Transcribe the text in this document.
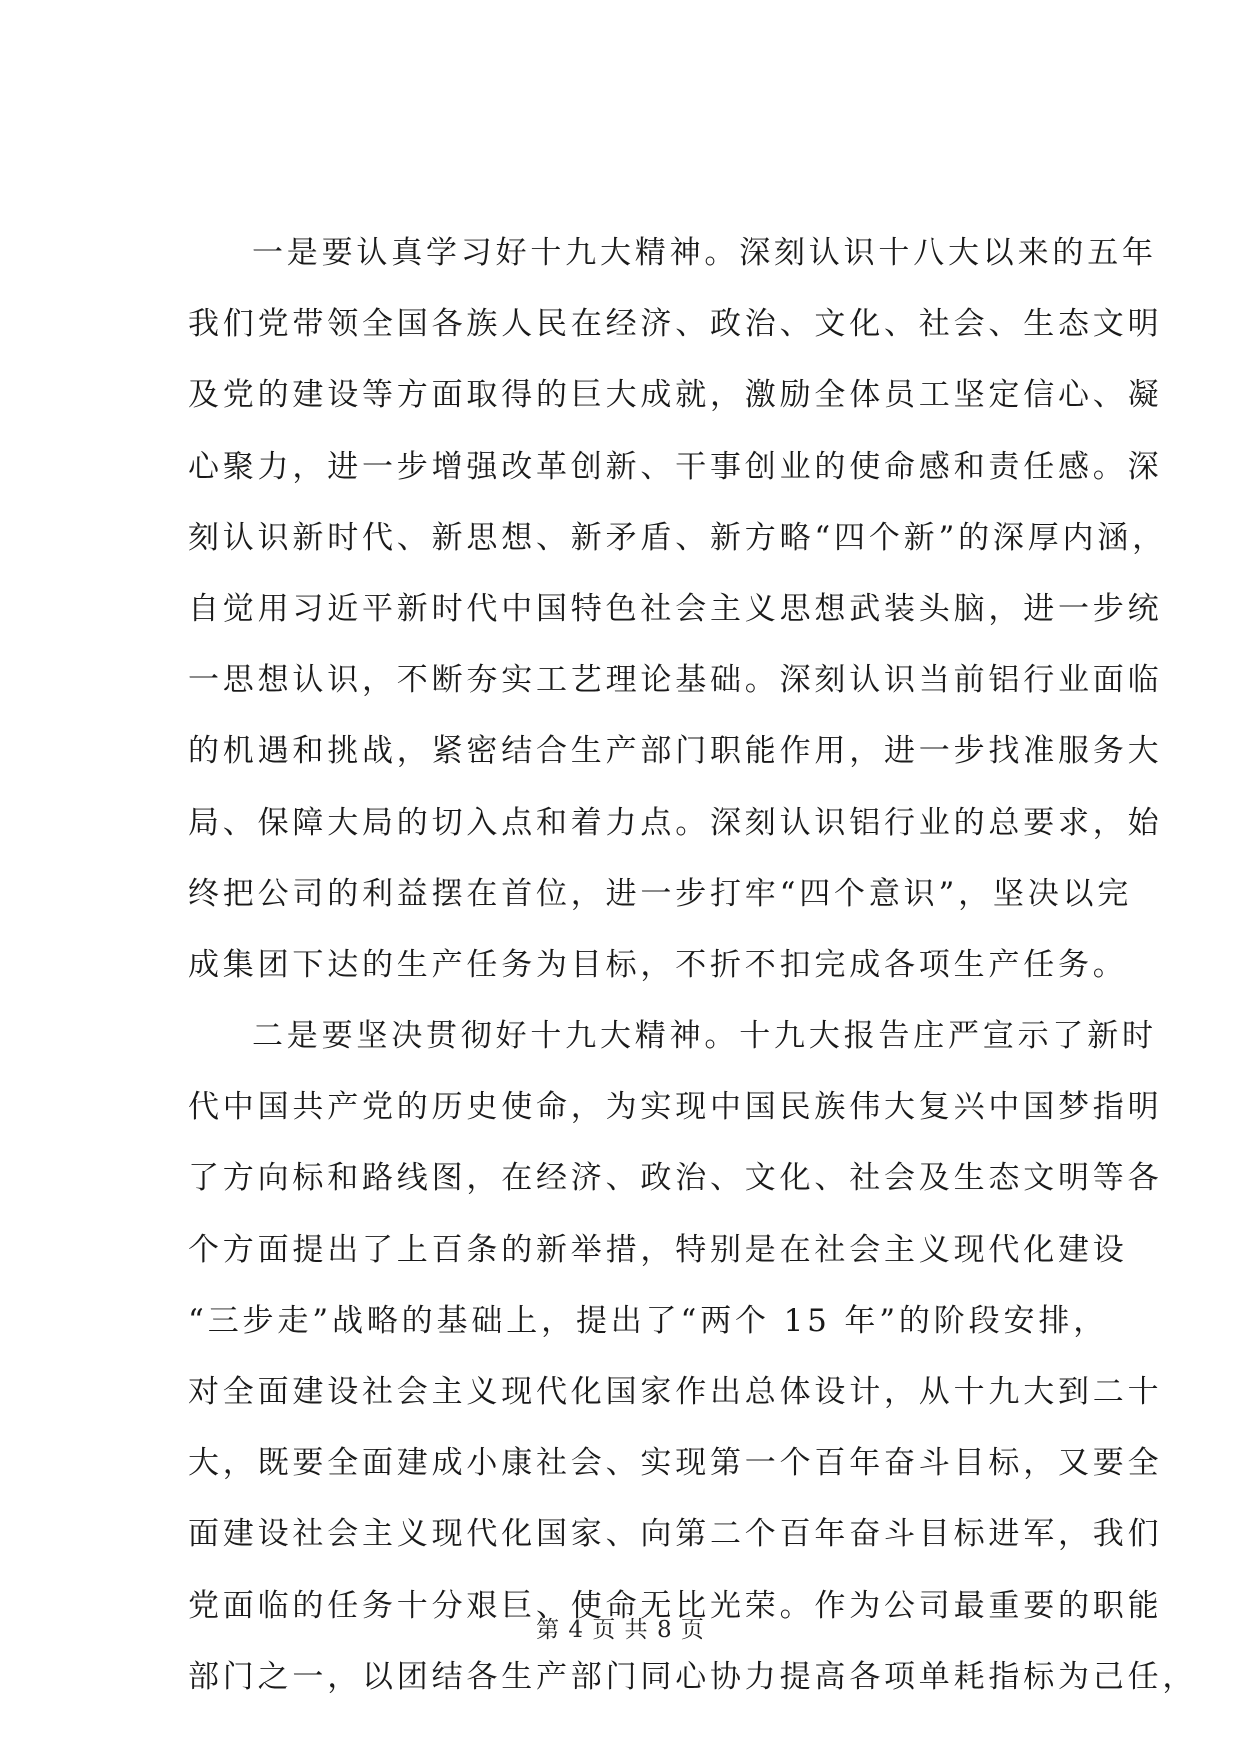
一是要认真学习好十九大精神。深刻认识十八大以来的五年
我们党带领全国各族人民在经济、政治、文化、社会、生态文明
及党的建设等方面取得的巨大成就，激励全体员工坚定信心、凝
心聚力，进一步增强改革创新、干事创业的使命感和责任感。深
刻认识新时代、新思想、新矛盾、新方略“四个新”的深厚内涵，
自觉用习近平新时代中国特色社会主义思想武装头脑，进一步统
一思想认识，不断夯实工艺理论基础。深刻认识当前铝行业面临
的机遇和挑战，紧密结合生产部门职能作用，进一步找准服务大
局、保障大局的切入点和着力点。深刻认识铝行业的总要求，始
终把公司的利益摆在首位，进一步打牢“四个意识”，坚决以完
成集团下达的生产任务为目标，不折不扣完成各项生产任务。
二是要坚决贯彻好十九大精神。十九大报告庄严宣示了新时
代中国共产党的历史使命，为实现中国民族伟大复兴中国梦指明
了方向标和路线图，在经济、政治、文化、社会及生态文明等各
个方面提出了上百条的新举措，特别是在社会主义现代化建设
“三步走”战略的基础上，提出了“两个 15 年”的阶段安排，
对全面建设社会主义现代化国家作出总体设计，从十九大到二十
大，既要全面建成小康社会、实现第一个百年奋斗目标，又要全
面建设社会主义现代化国家、向第二个百年奋斗目标进军，我们
党面临的任务十分艰巨、使命无比光荣。作为公司最重要的职能
部门之一，以团结各生产部门同心协力提高各项单耗指标为己任，
第 4 页 共 8 页
